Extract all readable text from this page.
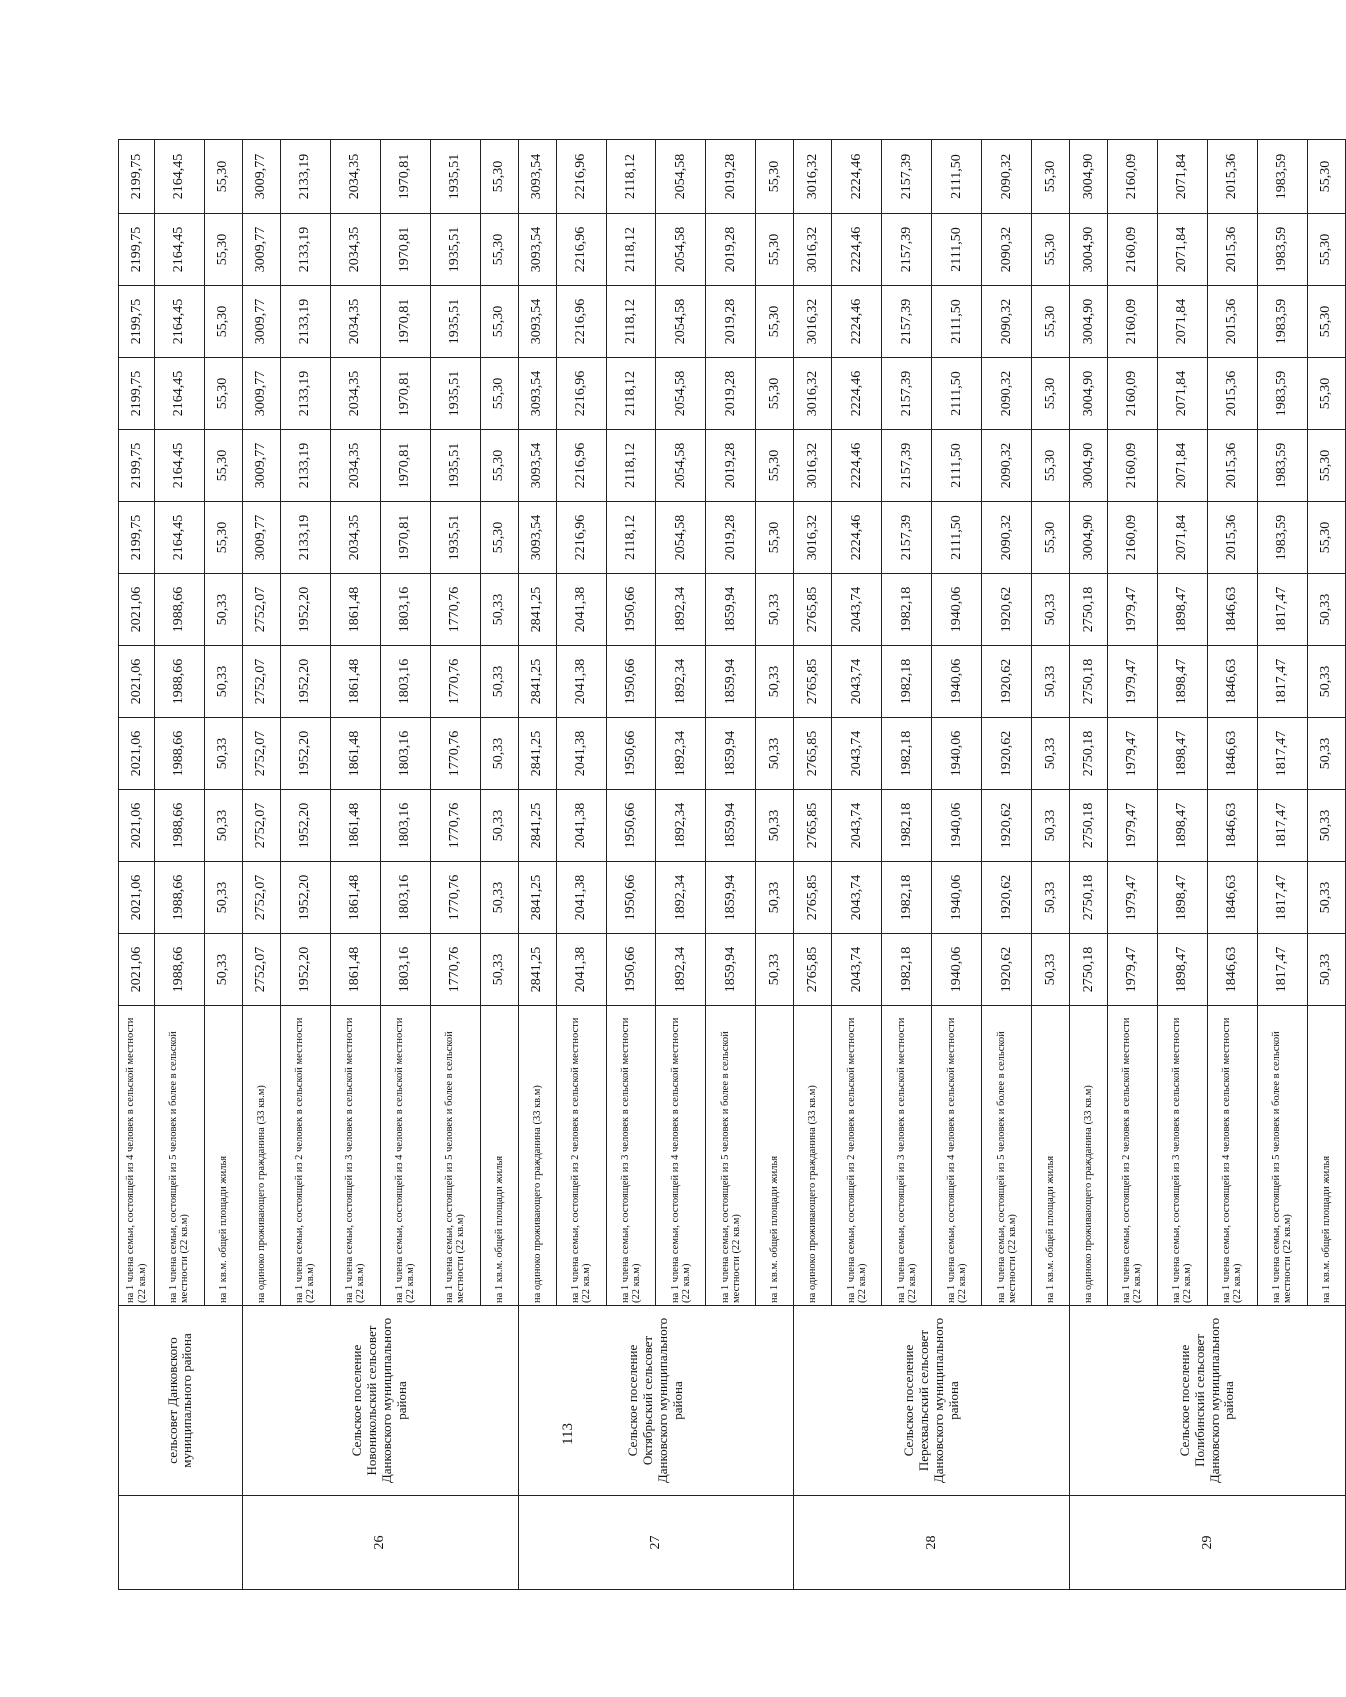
	сельсовет Данковского муниципального района	на 1 члена семьи, состоящей из 4 человек в сельской местности (22 кв.м)	2021,06	2021,06	2021,06	2021,06	2021,06	2021,06	2199,75	2199,75	2199,75	2199,75	2199,75	2199,75
		на 1 члена семьи, состоящей из 5 человек и более в сельской местности (22 кв.м)	1988,66	1988,66	1988,66	1988,66	1988,66	1988,66	2164,45	2164,45	2164,45	2164,45	2164,45	2164,45
		на 1 кв.м. общей площади жилья	50,33	50,33	50,33	50,33	50,33	50,33	55,30	55,30	55,30	55,30	55,30	55,30
26	Сельское поселение Новоникольский сельсовет Данковского муниципального района	на одиноко проживающего гражданина (33 кв.м)	2752,07	2752,07	2752,07	2752,07	2752,07	2752,07	3009,77	3009,77	3009,77	3009,77	3009,77	3009,77
		на 1 члена семьи, состоящей из 2 человек в сельской местности (22 кв.м)	1952,20	1952,20	1952,20	1952,20	1952,20	1952,20	2133,19	2133,19	2133,19	2133,19	2133,19	2133,19
		на 1 члена семьи, состоящей из 3 человек в сельской местности (22 кв.м)	1861,48	1861,48	1861,48	1861,48	1861,48	1861,48	2034,35	2034,35	2034,35	2034,35	2034,35	2034,35
		на 1 члена семьи, состоящей из 4 человек в сельской местности (22 кв.м)	1803,16	1803,16	1803,16	1803,16	1803,16	1803,16	1970,81	1970,81	1970,81	1970,81	1970,81	1970,81
		на 1 члена семьи, состоящей из 5 человек и более в сельской местности (22 кв.м)	1770,76	1770,76	1770,76	1770,76	1770,76	1770,76	1935,51	1935,51	1935,51	1935,51	1935,51	1935,51
		на 1 кв.м. общей площади жилья	50,33	50,33	50,33	50,33	50,33	50,33	55,30	55,30	55,30	55,30	55,30	55,30
27	Сельское поселение Октябрьский сельсовет Данковского муниципального района	на одиноко проживающего гражданина (33 кв.м)	2841,25	2841,25	2841,25	2841,25	2841,25	2841,25	3093,54	3093,54	3093,54	3093,54	3093,54	3093,54
		на 1 члена семьи, состоящей из 2 человек в сельской местности (22 кв.м)	2041,38	2041,38	2041,38	2041,38	2041,38	2041,38	2216,96	2216,96	2216,96	2216,96	2216,96	2216,96
		на 1 члена семьи, состоящей из 3 человек в сельской местности (22 кв.м)	1950,66	1950,66	1950,66	1950,66	1950,66	1950,66	2118,12	2118,12	2118,12	2118,12	2118,12	2118,12
		на 1 члена семьи, состоящей из 4 человек в сельской местности (22 кв.м)	1892,34	1892,34	1892,34	1892,34	1892,34	1892,34	2054,58	2054,58	2054,58	2054,58	2054,58	2054,58
		на 1 члена семьи, состоящей из 5 человек и более в сельской местности (22 кв.м)	1859,94	1859,94	1859,94	1859,94	1859,94	1859,94	2019,28	2019,28	2019,28	2019,28	2019,28	2019,28
		на 1 кв.м. общей площади жилья	50,33	50,33	50,33	50,33	50,33	50,33	55,30	55,30	55,30	55,30	55,30	55,30
28	Сельское поселение Перехвальский сельсовет Данковского муниципального района	на одиноко проживающего гражданина (33 кв.м)	2765,85	2765,85	2765,85	2765,85	2765,85	2765,85	3016,32	3016,32	3016,32	3016,32	3016,32	3016,32
		на 1 члена семьи, состоящей из 2 человек в сельской местности (22 кв.м)	2043,74	2043,74	2043,74	2043,74	2043,74	2043,74	2224,46	2224,46	2224,46	2224,46	2224,46	2224,46
		на 1 члена семьи, состоящей из 3 человек в сельской местности (22 кв.м)	1982,18	1982,18	1982,18	1982,18	1982,18	1982,18	2157,39	2157,39	2157,39	2157,39	2157,39	2157,39
		на 1 члена семьи, состоящей из 4 человек в сельской местности (22 кв.м)	1940,06	1940,06	1940,06	1940,06	1940,06	1940,06	2111,50	2111,50	2111,50	2111,50	2111,50	2111,50
		на 1 члена семьи, состоящей из 5 человек и более в сельской местности (22 кв.м)	1920,62	1920,62	1920,62	1920,62	1920,62	1920,62	2090,32	2090,32	2090,32	2090,32	2090,32	2090,32
		на 1 кв.м. общей площади жилья	50,33	50,33	50,33	50,33	50,33	50,33	55,30	55,30	55,30	55,30	55,30	55,30
29	Сельское поселение Полибинский сельсовет Данковского муниципального района	на одиноко проживающего гражданина (33 кв.м)	2750,18	2750,18	2750,18	2750,18	2750,18	2750,18	3004,90	3004,90	3004,90	3004,90	3004,90	3004,90
		на 1 члена семьи, состоящей из 2 человек в сельской местности (22 кв.м)	1979,47	1979,47	1979,47	1979,47	1979,47	1979,47	2160,09	2160,09	2160,09	2160,09	2160,09	2160,09
		на 1 члена семьи, состоящей из 3 человек в сельской местности (22 кв.м)	1898,47	1898,47	1898,47	1898,47	1898,47	1898,47	2071,84	2071,84	2071,84	2071,84	2071,84	2071,84
		на 1 члена семьи, состоящей из 4 человек в сельской местности (22 кв.м)	1846,63	1846,63	1846,63	1846,63	1846,63	1846,63	2015,36	2015,36	2015,36	2015,36	2015,36	2015,36
		на 1 члена семьи, состоящей из 5 человек и более в сельской местности (22 кв.м)	1817,47	1817,47	1817,47	1817,47	1817,47	1817,47	1983,59	1983,59	1983,59	1983,59	1983,59	1983,59
		на 1 кв.м. общей площади жилья	50,33	50,33	50,33	50,33	50,33	50,33	55,30	55,30	55,30	55,30	55,30	55,30
113
